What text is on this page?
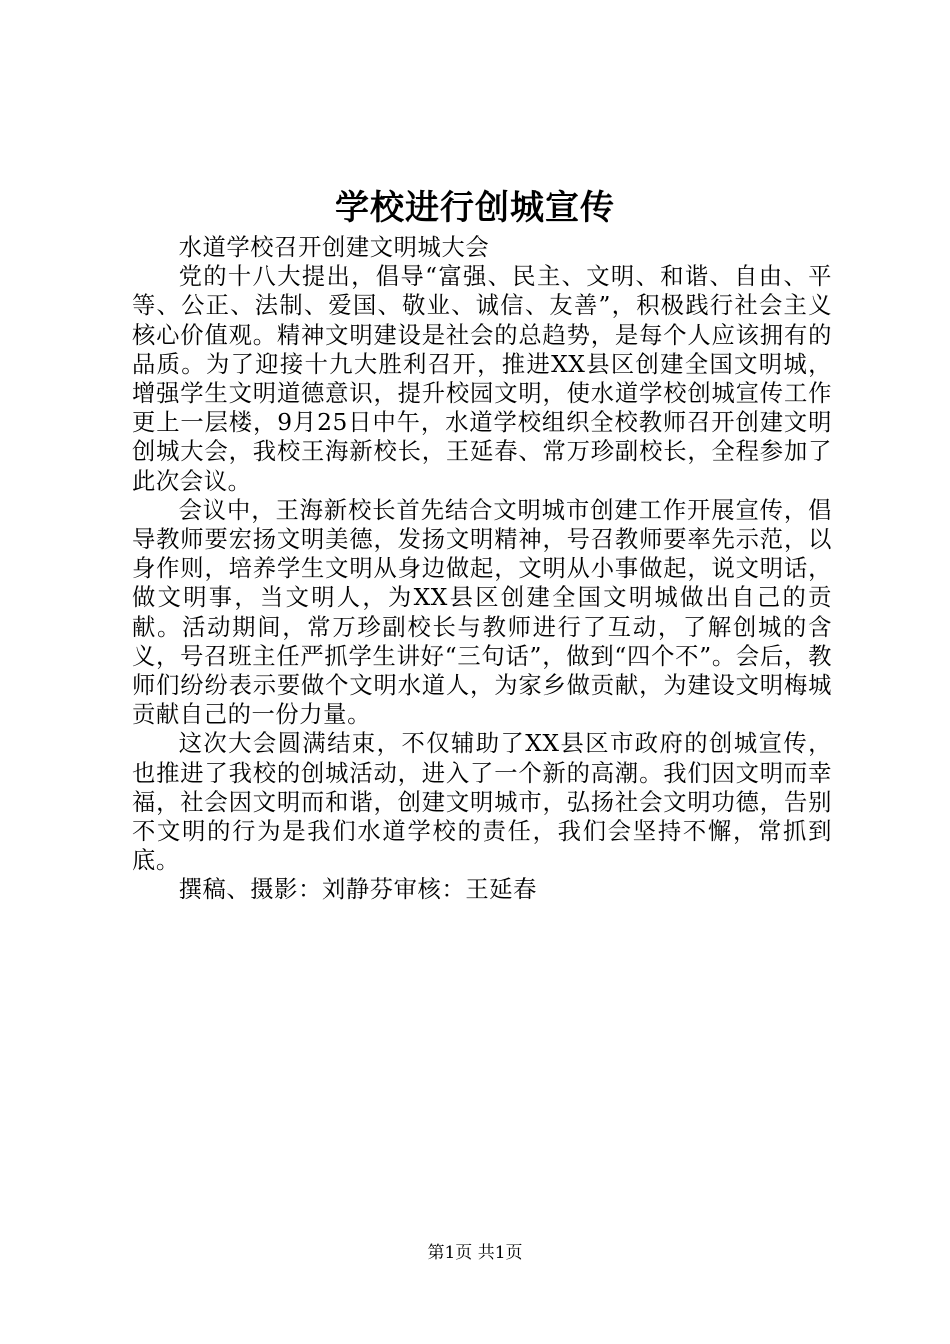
学校进行创城宣传

水道学校召开创建文明城大会

党的十八大提出，倡导“富强、民主、文明、和谐、自由、平等、公正、法制、爱国、敬业、诚信、友善”，积极践行社会主义核心价值观。精神文明建设是社会的总趋势，是每个人应该拥有的品质。为了迎接十九大胜利召开，推进XX县区创建全国文明城，增强学生文明道德意识，提升校园文明，使水道学校创城宣传工作更上一层楼，9月25日中午，水道学校组织全校教师召开创建文明创城大会，我校王海新校长，王延春、常万珍副校长，全程参加了此次会议。

会议中，王海新校长首先结合文明城市创建工作开展宣传，倡导教师要宏扬文明美德，发扬文明精神，号召教师要率先示范，以身作则，培养学生文明从身边做起，文明从小事做起，说文明话，做文明事，当文明人，为XX县区创建全国文明城做出自己的贡献。活动期间，常万珍副校长与教师进行了互动，了解创城的含义，号召班主任严抓学生讲好“三句话”，做到“四个不”。会后，教师们纷纷表示要做个文明水道人，为家乡做贡献，为建设文明梅城贡献自己的一份力量。

这次大会圆满结束，不仅辅助了XX县区市政府的创城宣传，也推进了我校的创城活动，进入了一个新的高潮。我们因文明而幸福，社会因文明而和谐，创建文明城市，弘扬社会文明功德，告别不文明的行为是我们水道学校的责任，我们会坚持不懈，常抓到底。

撰稿、摄影：刘静芬审核：王延春

第1页 共1页
